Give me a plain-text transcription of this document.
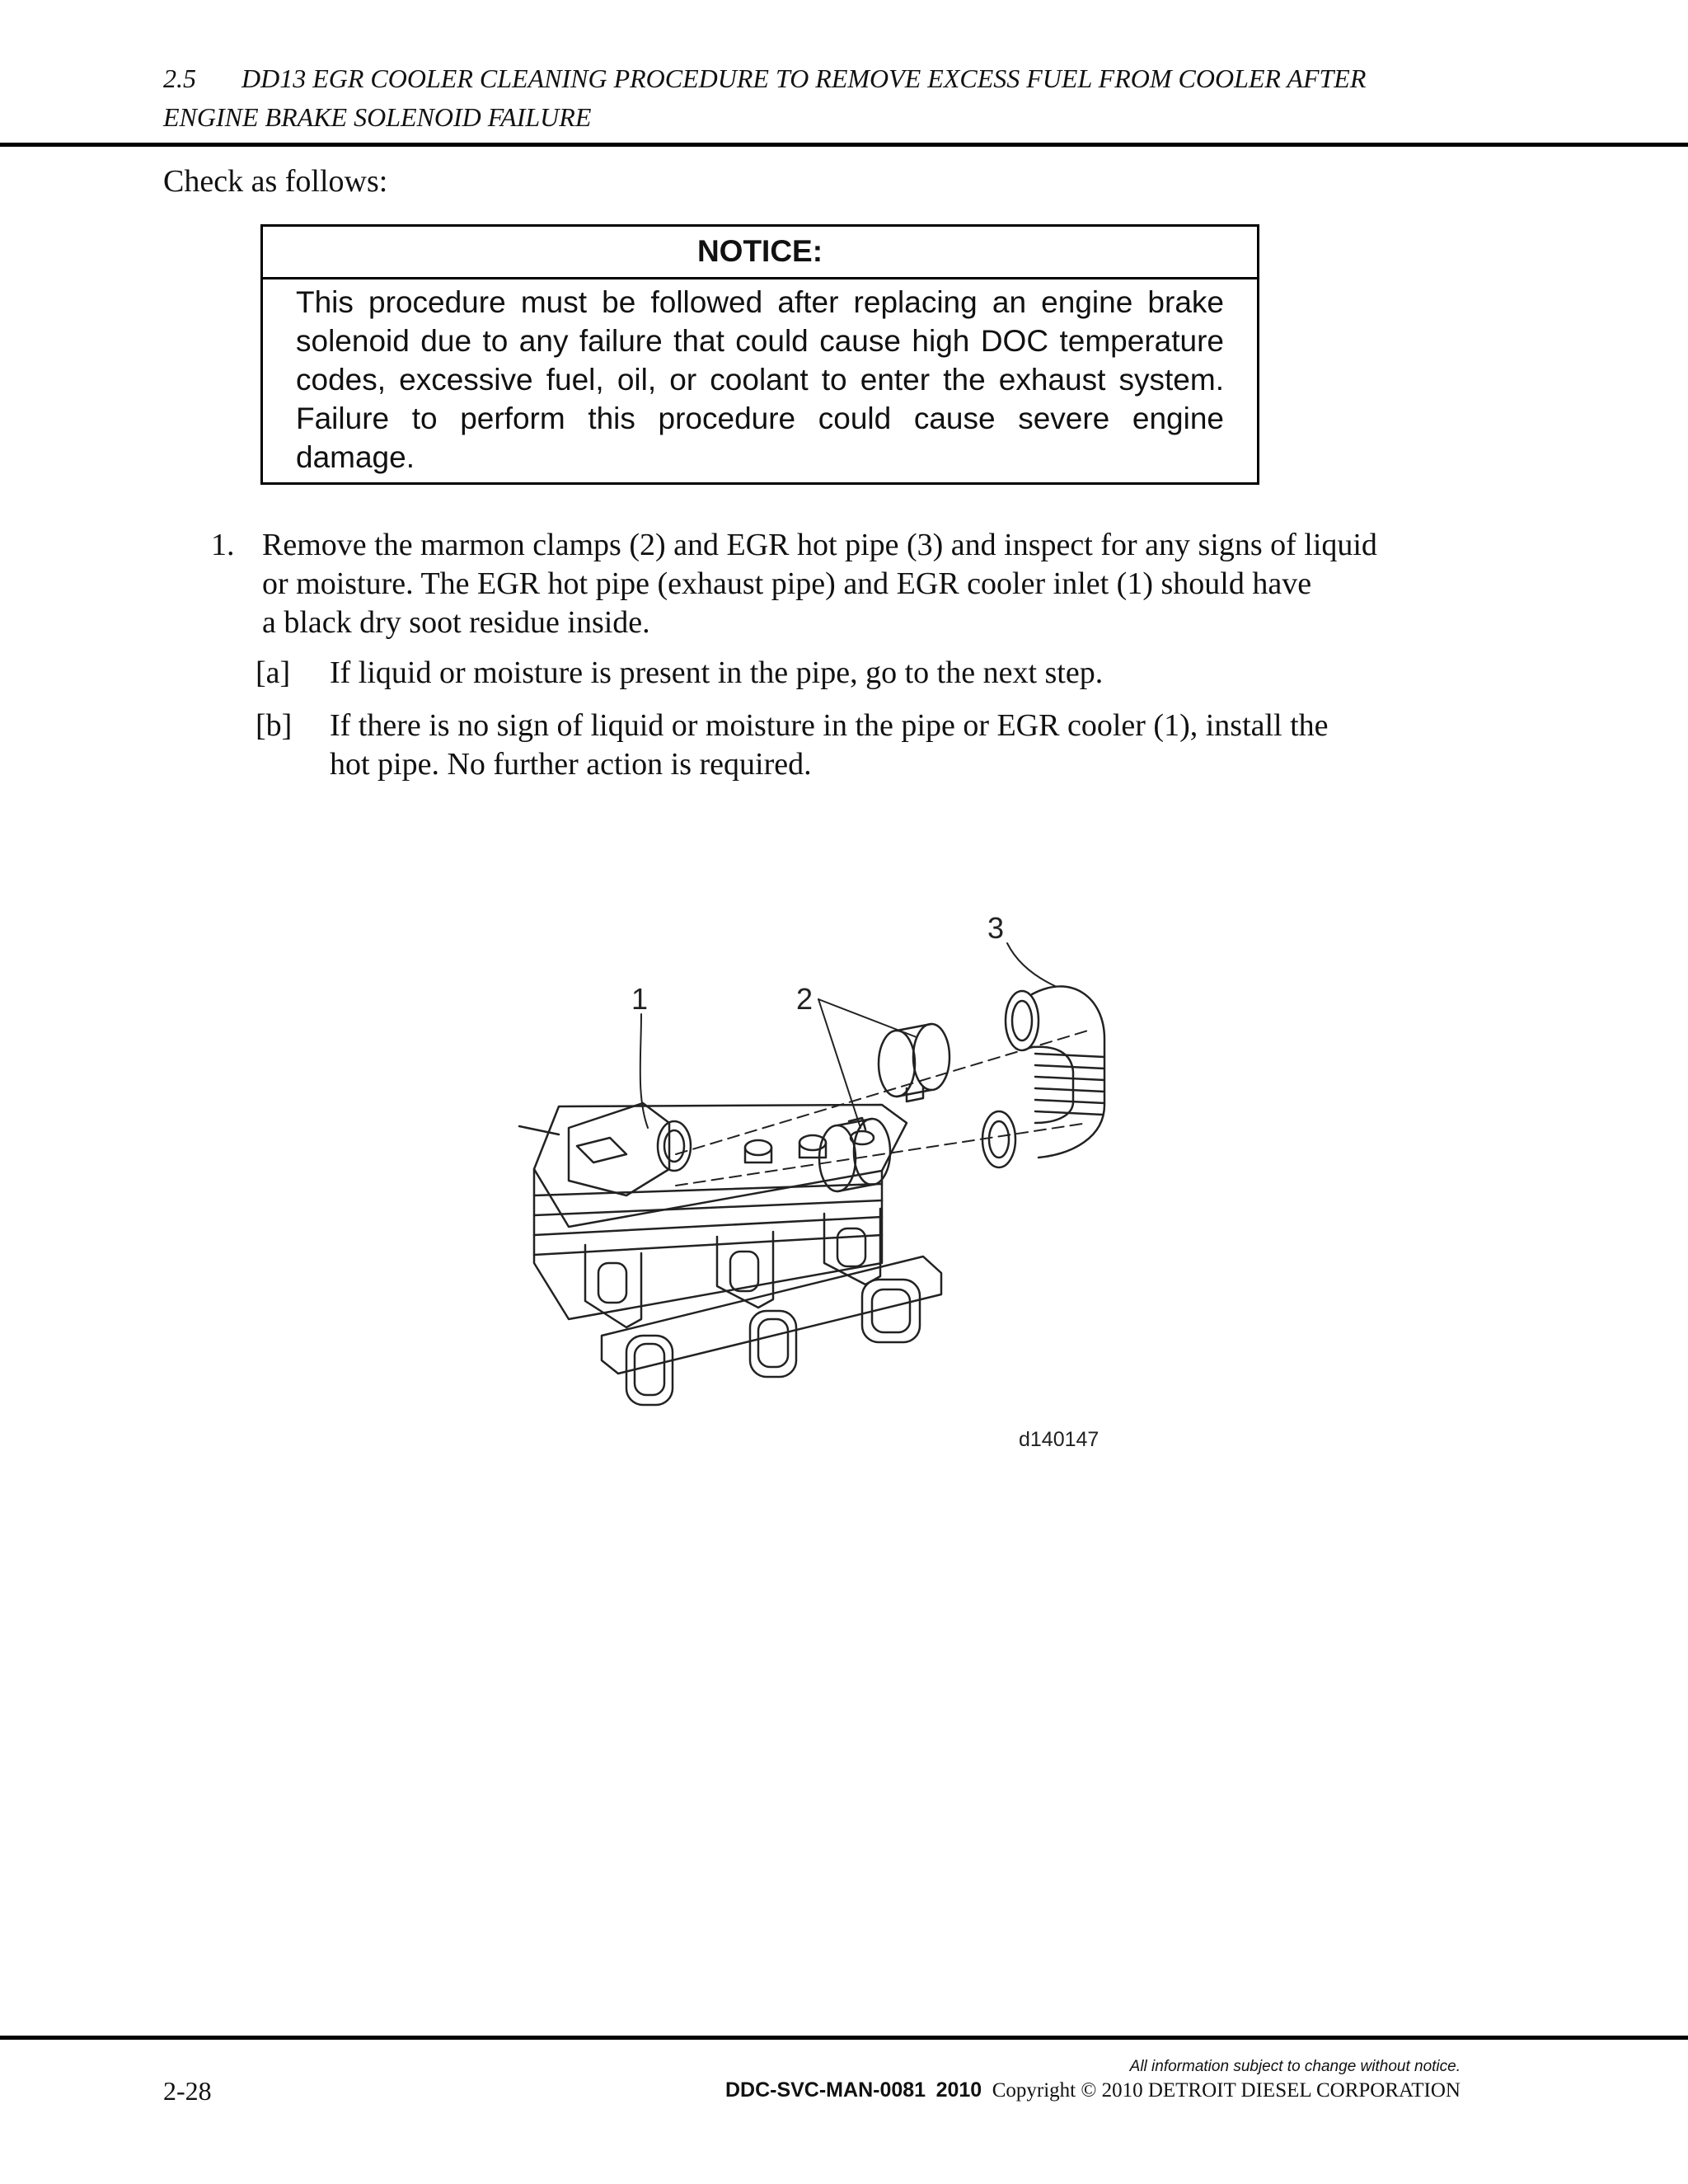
2.5 DD13 EGR COOLER CLEANING PROCEDURE TO REMOVE EXCESS FUEL FROM COOLER AFTER
ENGINE BRAKE SOLENOID FAILURE
Check as follows:
NOTICE:
This procedure must be followed after replacing an engine brake solenoid due to any failure that could cause high DOC temperature codes, excessive fuel, oil, or coolant to enter the exhaust system. Failure to perform this procedure could cause severe engine damage.
1. Remove the marmon clamps (2) and EGR hot pipe (3) and inspect for any signs of liquid
or moisture. The EGR hot pipe (exhaust pipe) and EGR cooler inlet (1) should have
a black dry soot residue inside.
[a] If liquid or moisture is present in the pipe, go to the next step.
[b] If there is no sign of liquid or moisture in the pipe or EGR cooler (1), install the
hot pipe. No further action is required.
1	2
3
d140147
All information subject to change without notice.
2-28	DDC-SVC-MAN-0081 2010 Copyright © 2010 DETROIT DIESEL CORPORATION
